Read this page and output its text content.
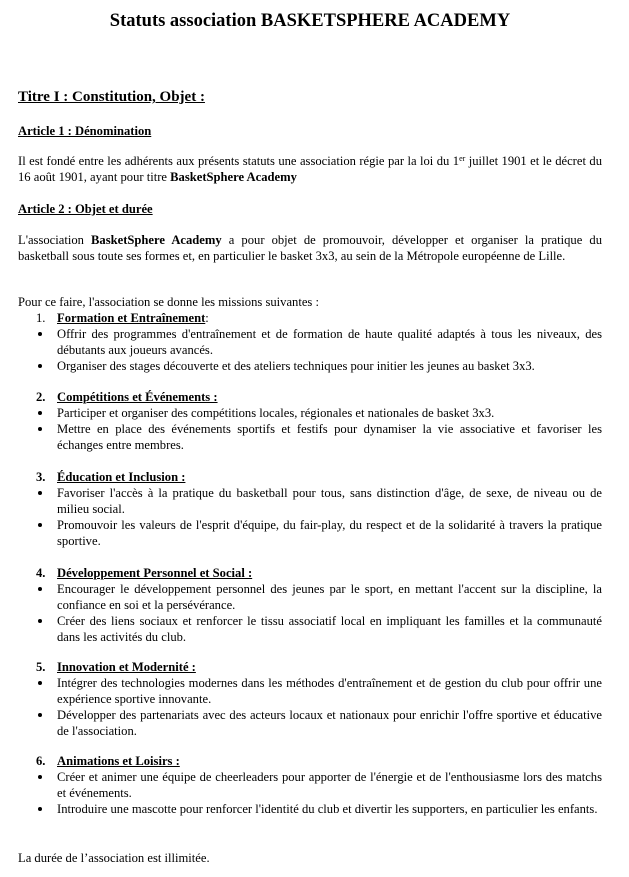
Statuts association BASKETSPHERE ACADEMY
Titre I : Constitution, Objet :
Article 1 : Dénomination
Il est fondé entre les adhérents aux présents statuts une association régie par la loi du 1er juillet 1901 et le décret du 16 août 1901, ayant pour titre BasketSphere Academy
Article 2 : Objet et durée
L'association BasketSphere Academy a pour objet de promouvoir, développer et organiser la pratique du basketball sous toute ses formes et, en particulier le basket 3x3, au sein de la Métropole européenne de Lille.
Pour ce faire, l'association se donne les missions suivantes :
1. Formation et Entraînement:
Offrir des programmes d'entraînement et de formation de haute qualité adaptés à tous les niveaux, des débutants aux joueurs avancés.
Organiser des stages découverte et des ateliers techniques pour initier les jeunes au basket 3x3.
2. Compétitions et Événements :
Participer et organiser des compétitions locales, régionales et nationales de basket 3x3.
Mettre en place des événements sportifs et festifs pour dynamiser la vie associative et favoriser les échanges entre membres.
3. Éducation et Inclusion :
Favoriser l'accès à la pratique du basketball pour tous, sans distinction d'âge, de sexe, de niveau ou de milieu social.
Promouvoir les valeurs de l'esprit d'équipe, du fair-play, du respect et de la solidarité à travers la pratique sportive.
4. Développement Personnel et Social :
Encourager le développement personnel des jeunes par le sport, en mettant l'accent sur la discipline, la confiance en soi et la persévérance.
Créer des liens sociaux et renforcer le tissu associatif local en impliquant les familles et la communauté dans les activités du club.
5. Innovation et Modernité :
Intégrer des technologies modernes dans les méthodes d'entraînement et de gestion du club pour offrir une expérience sportive innovante.
Développer des partenariats avec des acteurs locaux et nationaux pour enrichir l'offre sportive et éducative de l'association.
6. Animations et Loisirs :
Créer et animer une équipe de cheerleaders pour apporter de l'énergie et de l'enthousiasme lors des matchs et événements.
Introduire une mascotte pour renforcer l'identité du club et divertir les supporters, en particulier les enfants.
La durée de l’association est illimitée.
